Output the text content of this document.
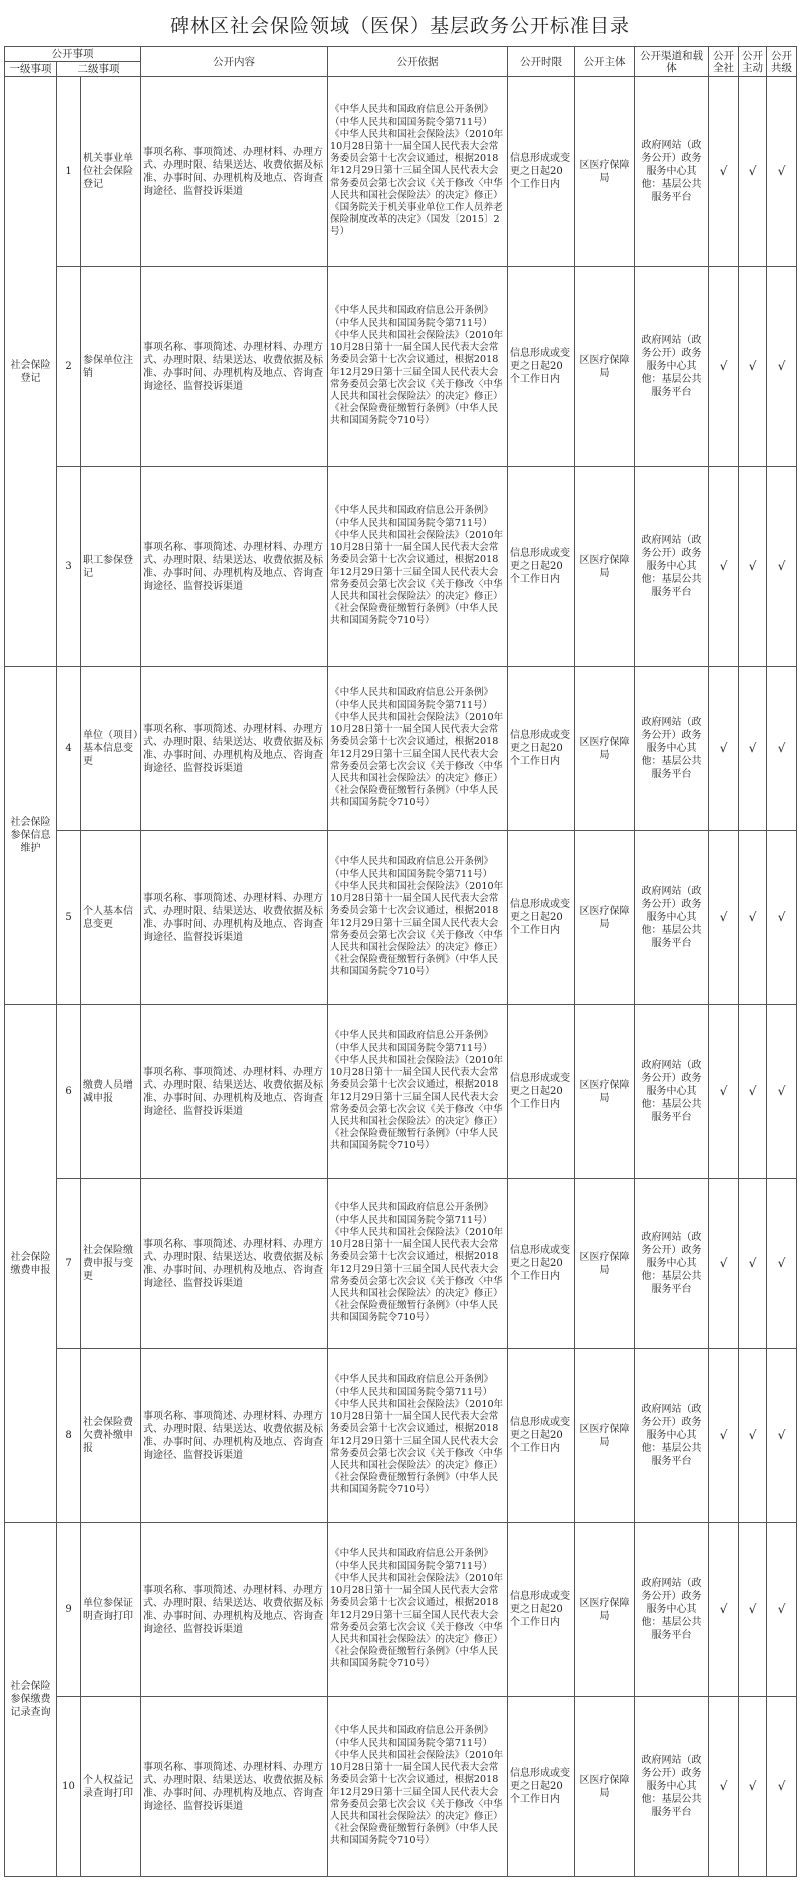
碑林区社会保险领域（医保）基层政务公开标准目录
公开事项			公开内容	公开依据	公开时限	公开主体	公开渠道和载体	公开全社	公开主动	公开共级
一级事项	二级事项									
社会保险登记	1	机关事业单位社会保险登记	事项名称、事项简述、办理材料、办理方式、办理时限、结果送达、收费依据及标准、办事时间、办理机构及地点、咨询查询途径、监督投诉渠道	《中华人民共和国政府信息公开条例》（中华人民共和国国务院令第711号）《中华人民共和国社会保险法》（2010年10月28日第十一届全国人民代表大会常务委员会第十七次会议通过，根据2018年12月29日第十三届全国人民代表大会常务委员会第七次会议《关于修改〈中华人民共和国社会保险法〉的决定》修正）《国务院关于机关事业单位工作人员养老保险制度改革的决定》（国发〔2015〕2号）	信息形成或变更之日起20个工作日内	区医疗保障局	政府网站（政务公开）政务服务中心其他：基层公共服务平台	√	√	√
	2	参保单位注销	事项名称、事项简述、办理材料、办理方式、办理时限、结果送达、收费依据及标准、办事时间、办理机构及地点、咨询查询途径、监督投诉渠道	《中华人民共和国政府信息公开条例》（中华人民共和国国务院令第711号）《中华人民共和国社会保险法》（2010年10月28日第十一届全国人民代表大会常务委员会第十七次会议通过，根据2018年12月29日第十三届全国人民代表大会常务委员会第七次会议《关于修改〈中华人民共和国社会保险法〉的决定》修正）《社会保险费征缴暂行条例》（中华人民共和国国务院令710号）	信息形成或变更之日起20个工作日内	区医疗保障局	政府网站（政务公开）政务服务中心其他：基层公共服务平台	√	√	√
	3	职工参保登记	事项名称、事项简述、办理材料、办理方式、办理时限、结果送达、收费依据及标准、办事时间、办理机构及地点、咨询查询途径、监督投诉渠道	《中华人民共和国政府信息公开条例》（中华人民共和国国务院令第711号）《中华人民共和国社会保险法》（2010年10月28日第十一届全国人民代表大会常务委员会第十七次会议通过，根据2018年12月29日第十三届全国人民代表大会常务委员会第七次会议《关于修改〈中华人民共和国社会保险法〉的决定》修正）《社会保险费征缴暂行条例》（中华人民共和国国务院令710号）	信息形成或变更之日起20个工作日内	区医疗保障局	政府网站（政务公开）政务服务中心其他：基层公共服务平台	√	√	√
社会保险参保信息维护	4	单位（项目）基本信息变更	事项名称、事项简述、办理材料、办理方式、办理时限、结果送达、收费依据及标准、办事时间、办理机构及地点、咨询查询途径、监督投诉渠道	《中华人民共和国政府信息公开条例》（中华人民共和国国务院令第711号）《中华人民共和国社会保险法》（2010年10月28日第十一届全国人民代表大会常务委员会第十七次会议通过，根据2018年12月29日第十三届全国人民代表大会常务委员会第七次会议《关于修改〈中华人民共和国社会保险法〉的决定》修正）《社会保险费征缴暂行条例》（中华人民共和国国务院令710号）	信息形成或变更之日起20个工作日内	区医疗保障局	政府网站（政务公开）政务服务中心其他：基层公共服务平台	√	√	√
	5	个人基本信息变更	事项名称、事项简述、办理材料、办理方式、办理时限、结果送达、收费依据及标准、办事时间、办理机构及地点、咨询查询途径、监督投诉渠道	《中华人民共和国政府信息公开条例》（中华人民共和国国务院令第711号）《中华人民共和国社会保险法》（2010年10月28日第十一届全国人民代表大会常务委员会第十七次会议通过，根据2018年12月29日第十三届全国人民代表大会常务委员会第七次会议《关于修改〈中华人民共和国社会保险法〉的决定》修正）《社会保险费征缴暂行条例》（中华人民共和国国务院令710号）	信息形成或变更之日起20个工作日内	区医疗保障局	政府网站（政务公开）政务服务中心其他：基层公共服务平台	√	√	√
社会保险缴费申报	6	缴费人员增减申报	事项名称、事项简述、办理材料、办理方式、办理时限、结果送达、收费依据及标准、办事时间、办理机构及地点、咨询查询途径、监督投诉渠道	《中华人民共和国政府信息公开条例》（中华人民共和国国务院令第711号）《中华人民共和国社会保险法》（2010年10月28日第十一届全国人民代表大会常务委员会第十七次会议通过，根据2018年12月29日第十三届全国人民代表大会常务委员会第七次会议《关于修改〈中华人民共和国社会保险法〉的决定》修正）《社会保险费征缴暂行条例》（中华人民共和国国务院令710号）	信息形成或变更之日起20个工作日内	区医疗保障局	政府网站（政务公开）政务服务中心其他：基层公共服务平台	√	√	√
	7	社会保险缴费申报与变更	事项名称、事项简述、办理材料、办理方式、办理时限、结果送达、收费依据及标准、办事时间、办理机构及地点、咨询查询途径、监督投诉渠道	《中华人民共和国政府信息公开条例》（中华人民共和国国务院令第711号）《中华人民共和国社会保险法》（2010年10月28日第十一届全国人民代表大会常务委员会第十七次会议通过，根据2018年12月29日第十三届全国人民代表大会常务委员会第七次会议《关于修改〈中华人民共和国社会保险法〉的决定》修正）《社会保险费征缴暂行条例》（中华人民共和国国务院令710号）	信息形成或变更之日起20个工作日内	区医疗保障局	政府网站（政务公开）政务服务中心其他：基层公共服务平台	√	√	√
	8	社会保险费欠费补缴申报	事项名称、事项简述、办理材料、办理方式、办理时限、结果送达、收费依据及标准、办事时间、办理机构及地点、咨询查询途径、监督投诉渠道	《中华人民共和国政府信息公开条例》（中华人民共和国国务院令第711号）《中华人民共和国社会保险法》（2010年10月28日第十一届全国人民代表大会常务委员会第十七次会议通过，根据2018年12月29日第十三届全国人民代表大会常务委员会第七次会议《关于修改〈中华人民共和国社会保险法〉的决定》修正）《社会保险费征缴暂行条例》（中华人民共和国国务院令710号）	信息形成或变更之日起20个工作日内	区医疗保障局	政府网站（政务公开）政务服务中心其他：基层公共服务平台	√	√	√
社会保险参保缴费记录查询	9	单位参保证明查询打印	事项名称、事项简述、办理材料、办理方式、办理时限、结果送达、收费依据及标准、办事时间、办理机构及地点、咨询查询途径、监督投诉渠道	《中华人民共和国政府信息公开条例》（中华人民共和国国务院令第711号）《中华人民共和国社会保险法》（2010年10月28日第十一届全国人民代表大会常务委员会第十七次会议通过，根据2018年12月29日第十三届全国人民代表大会常务委员会第七次会议《关于修改〈中华人民共和国社会保险法〉的决定》修正）《社会保险费征缴暂行条例》（中华人民共和国国务院令710号）	信息形成或变更之日起20个工作日内	区医疗保障局	政府网站（政务公开）政务服务中心其他：基层公共服务平台	√	√	√
	10	个人权益记录查询打印	事项名称、事项简述、办理材料、办理方式、办理时限、结果送达、收费依据及标准、办事时间、办理机构及地点、咨询查询途径、监督投诉渠道	《中华人民共和国政府信息公开条例》（中华人民共和国国务院令第711号）《中华人民共和国社会保险法》（2010年10月28日第十一届全国人民代表大会常务委员会第十七次会议通过，根据2018年12月29日第十三届全国人民代表大会常务委员会第七次会议《关于修改〈中华人民共和国社会保险法〉的决定》修正）《社会保险费征缴暂行条例》（中华人民共和国国务院令710号）	信息形成或变更之日起20个工作日内	区医疗保障局	政府网站（政务公开）政务服务中心其他：基层公共服务平台	√	√	√
